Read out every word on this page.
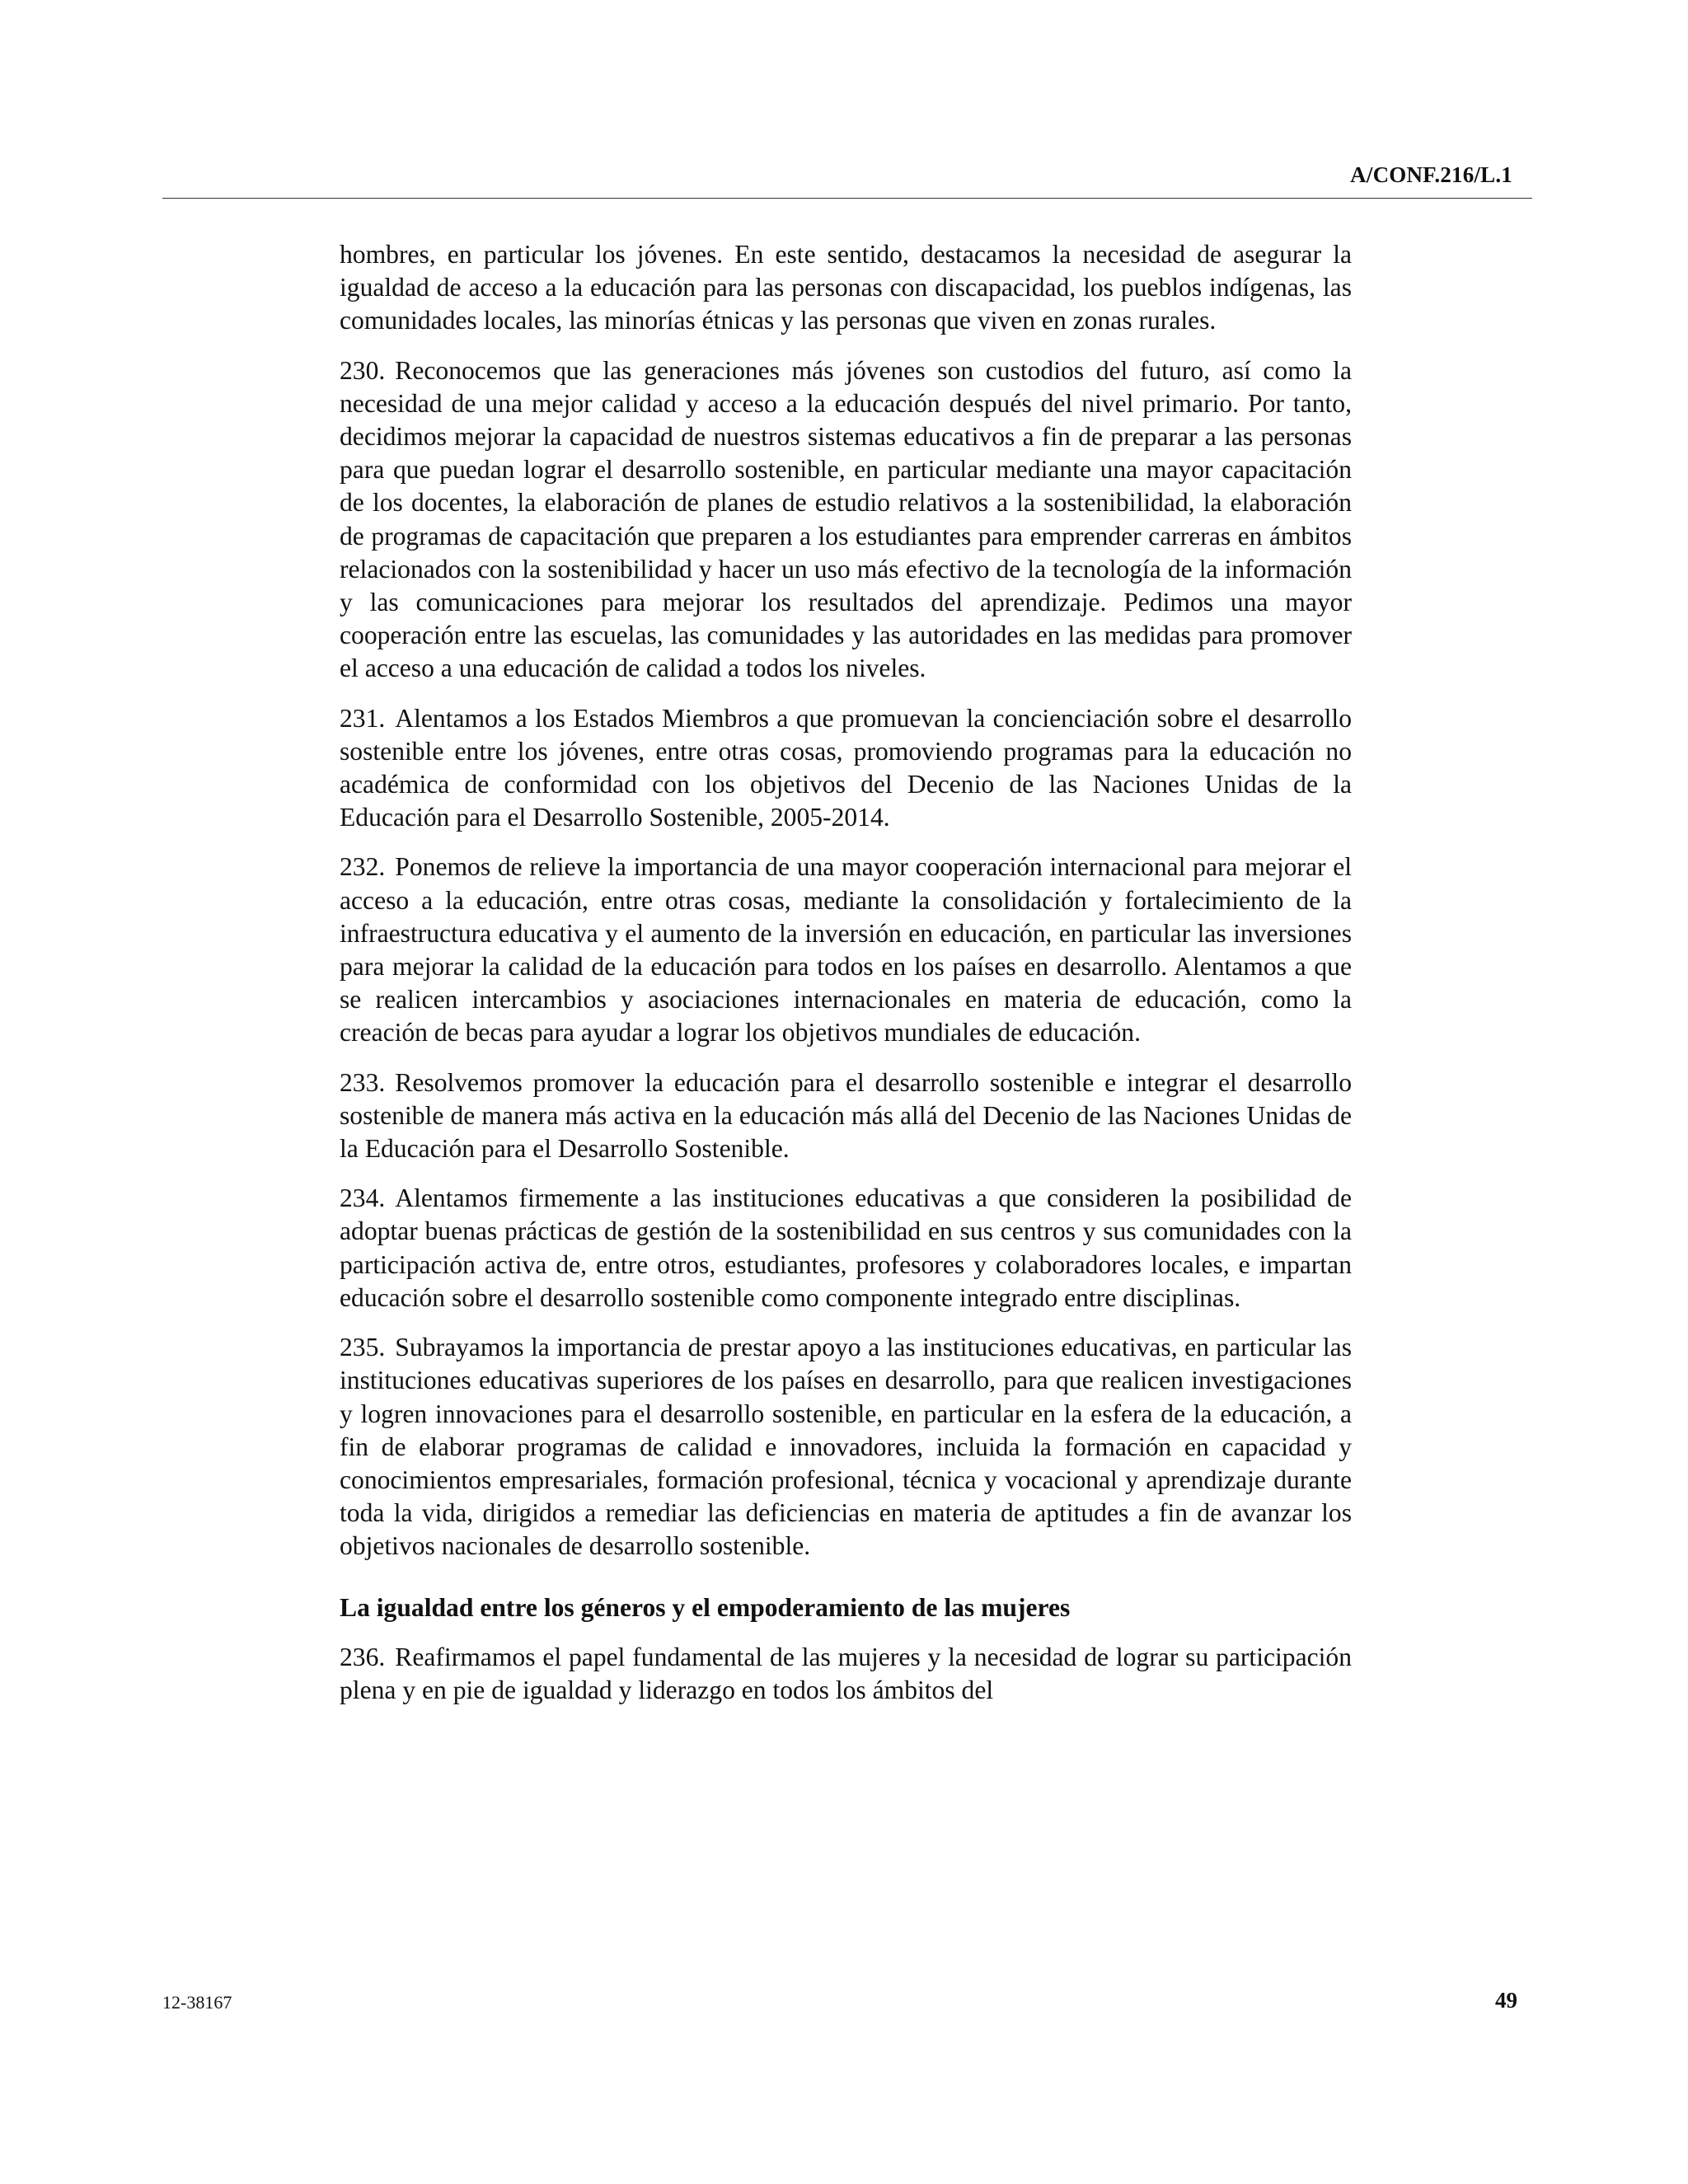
A/CONF.216/L.1

hombres, en particular los jóvenes. En este sentido, destacamos la necesidad de asegurar la igualdad de acceso a la educación para las personas con discapacidad, los pueblos indígenas, las comunidades locales, las minorías étnicas y las personas que viven en zonas rurales.

230. Reconocemos que las generaciones más jóvenes son custodios del futuro, así como la necesidad de una mejor calidad y acceso a la educación después del nivel primario. Por tanto, decidimos mejorar la capacidad de nuestros sistemas educativos a fin de preparar a las personas para que puedan lograr el desarrollo sostenible, en particular mediante una mayor capacitación de los docentes, la elaboración de planes de estudio relativos a la sostenibilidad, la elaboración de programas de capacitación que preparen a los estudiantes para emprender carreras en ámbitos relacionados con la sostenibilidad y hacer un uso más efectivo de la tecnología de la información y las comunicaciones para mejorar los resultados del aprendizaje. Pedimos una mayor cooperación entre las escuelas, las comunidades y las autoridades en las medidas para promover el acceso a una educación de calidad a todos los niveles.

231. Alentamos a los Estados Miembros a que promuevan la concienciación sobre el desarrollo sostenible entre los jóvenes, entre otras cosas, promoviendo programas para la educación no académica de conformidad con los objetivos del Decenio de las Naciones Unidas de la Educación para el Desarrollo Sostenible, 2005-2014.

232. Ponemos de relieve la importancia de una mayor cooperación internacional para mejorar el acceso a la educación, entre otras cosas, mediante la consolidación y fortalecimiento de la infraestructura educativa y el aumento de la inversión en educación, en particular las inversiones para mejorar la calidad de la educación para todos en los países en desarrollo. Alentamos a que se realicen intercambios y asociaciones internacionales en materia de educación, como la creación de becas para ayudar a lograr los objetivos mundiales de educación.

233. Resolvemos promover la educación para el desarrollo sostenible e integrar el desarrollo sostenible de manera más activa en la educación más allá del Decenio de las Naciones Unidas de la Educación para el Desarrollo Sostenible.

234. Alentamos firmemente a las instituciones educativas a que consideren la posibilidad de adoptar buenas prácticas de gestión de la sostenibilidad en sus centros y sus comunidades con la participación activa de, entre otros, estudiantes, profesores y colaboradores locales, e impartan educación sobre el desarrollo sostenible como componente integrado entre disciplinas.

235. Subrayamos la importancia de prestar apoyo a las instituciones educativas, en particular las instituciones educativas superiores de los países en desarrollo, para que realicen investigaciones y logren innovaciones para el desarrollo sostenible, en particular en la esfera de la educación, a fin de elaborar programas de calidad e innovadores, incluida la formación en capacidad y conocimientos empresariales, formación profesional, técnica y vocacional y aprendizaje durante toda la vida, dirigidos a remediar las deficiencias en materia de aptitudes a fin de avanzar los objetivos nacionales de desarrollo sostenible.

La igualdad entre los géneros y el empoderamiento de las mujeres

236. Reafirmamos el papel fundamental de las mujeres y la necesidad de lograr su participación plena y en pie de igualdad y liderazgo en todos los ámbitos del

12-38167	49
